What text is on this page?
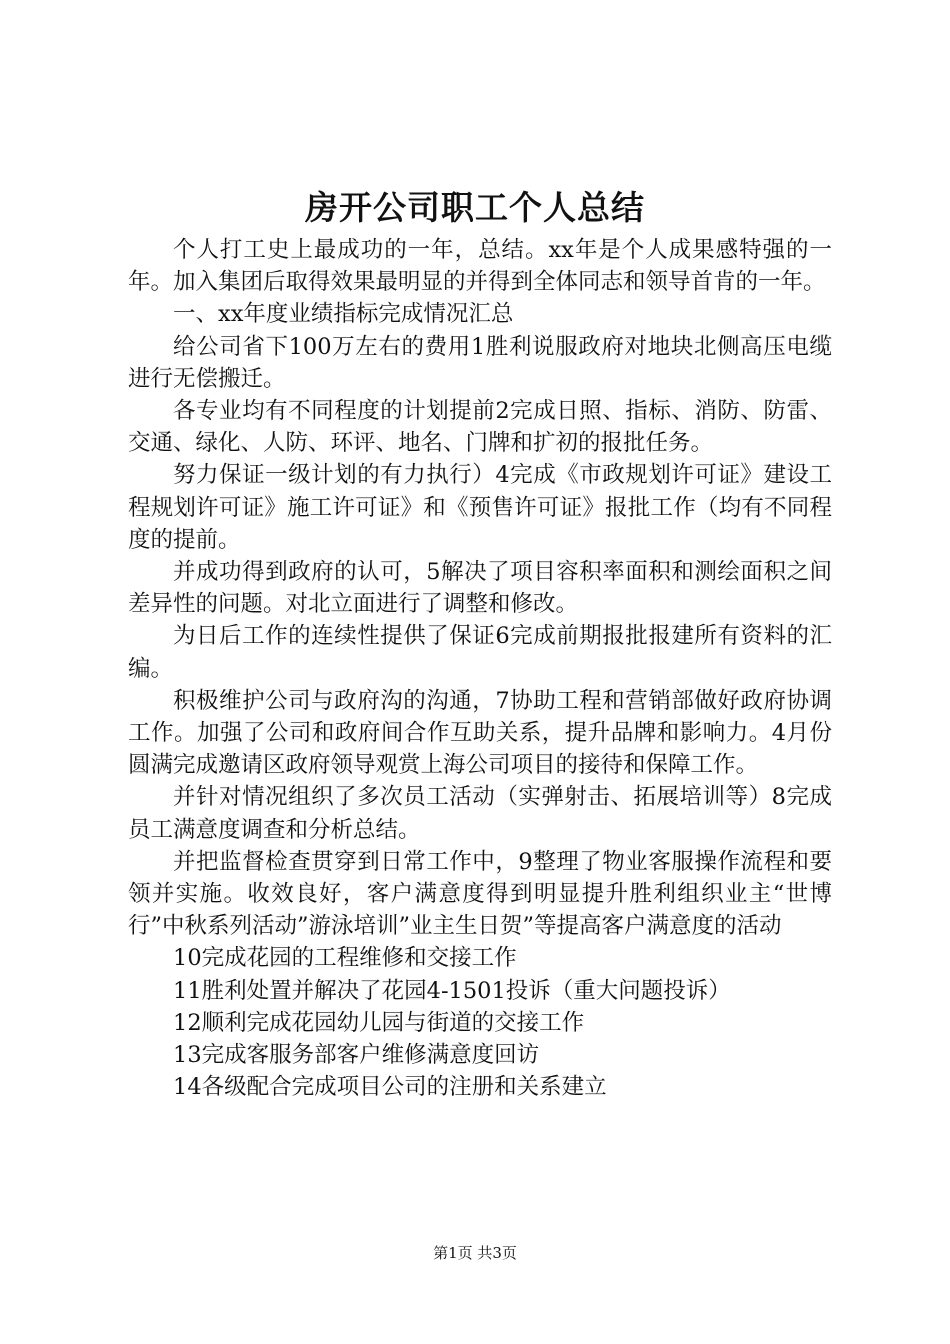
房开公司职工个人总结

个人打工史上最成功的一年，总结。xx年是个人成果感特强的一年。加入集团后取得效果最明显的并得到全体同志和领导首肯的一年。

一、xx年度业绩指标完成情况汇总

给公司省下100万左右的费用1胜利说服政府对地块北侧高压电缆进行无偿搬迁。

各专业均有不同程度的计划提前2完成日照、指标、消防、防雷、交通、绿化、人防、环评、地名、门牌和扩初的报批任务。

努力保证一级计划的有力执行）4完成《市政规划许可证》建设工程规划许可证》施工许可证》和《预售许可证》报批工作（均有不同程度的提前。

并成功得到政府的认可，5解决了项目容积率面积和测绘面积之间差异性的问题。对北立面进行了调整和修改。

为日后工作的连续性提供了保证6完成前期报批报建所有资料的汇编。

积极维护公司与政府沟的沟通，7协助工程和营销部做好政府协调工作。加强了公司和政府间合作互助关系，提升品牌和影响力。4月份圆满完成邀请区政府领导观赏上海公司项目的接待和保障工作。

并针对情况组织了多次员工活动（实弹射击、拓展培训等）8完成员工满意度调查和分析总结。

并把监督检查贯穿到日常工作中，9整理了物业客服操作流程和要领并实施。收效良好，客户满意度得到明显提升胜利组织业主“世博行”中秋系列活动”游泳培训”业主生日贺”等提高客户满意度的活动

10完成花园的工程维修和交接工作

11胜利处置并解决了花园4-1501投诉（重大问题投诉）

12顺利完成花园幼儿园与街道的交接工作

13完成客服务部客户维修满意度回访

14各级配合完成项目公司的注册和关系建立

第1页 共3页
